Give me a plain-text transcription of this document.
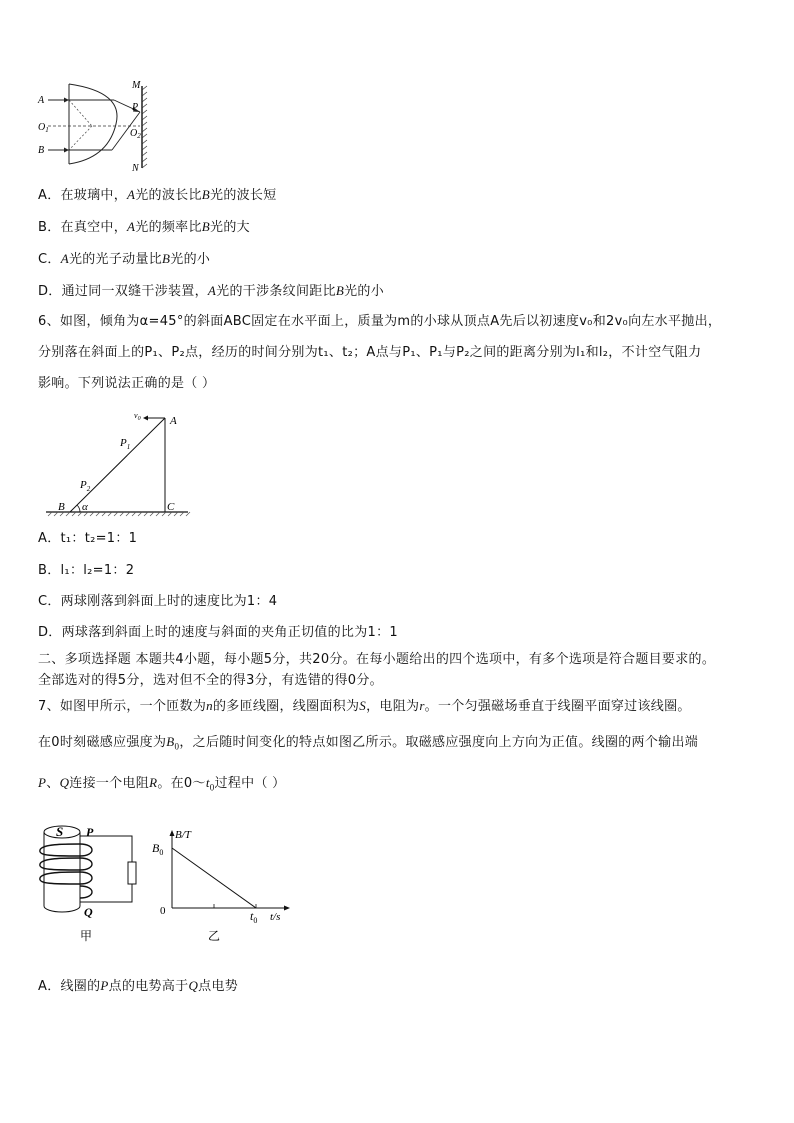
A
B
$O_1$	$O_2$
P
M
N
A．在玻璃中，A光的波长比B光的波长短
B．在真空中，A光的频率比B光的大
C．A光的光子动量比B光的小
D．通过同一双缝干涉装置，A光的干涉条纹间距比B光的小
6、如图，倾角为α=45°的斜面ABC固定在水平面上，质量为m的小球从顶点A先后以初速度v₀和2v₀向左水平抛出，
分别落在斜面上的P₁、P₂点，经历的时间分别为t₁、t₂；A点与P₁、P₁与P₂之间的距离分别为l₁和l₂，不计空气阻力
影响。下列说法正确的是（ ）
$v_0$	A
B	C
α
$P_1$
$P_2$
A．t₁：t₂=1：1
B．l₁：l₂=1：2
C．两球刚落到斜面上时的速度比为1：4
D．两球落到斜面上时的速度与斜面的夹角正切值的比为1：1
二、多项选择题 本题共4小题，每小题5分，共20分。在每小题给出的四个选项中，有多个选项是符合题目要求的。
全部选对的得5分，选对但不全的得3分，有选错的得0分。
7、如图甲所示，一个匝数为n的多匝线圈，线圈面积为S，电阻为r。一个匀强磁场垂直于线圈平面穿过该线圈。
在0时刻磁感应强度为$B_0$，之后随时间变化的特点如图乙所示。取磁感应强度向上方向为正值。线圈的两个输出端
P、Q连接一个电阻R。在$0\sim t_0$过程中（ ）
S P
Q
甲
B/T
$B_0$
0	$t_0$ t/s
乙
A．线圈的P点的电势高于Q点电势
